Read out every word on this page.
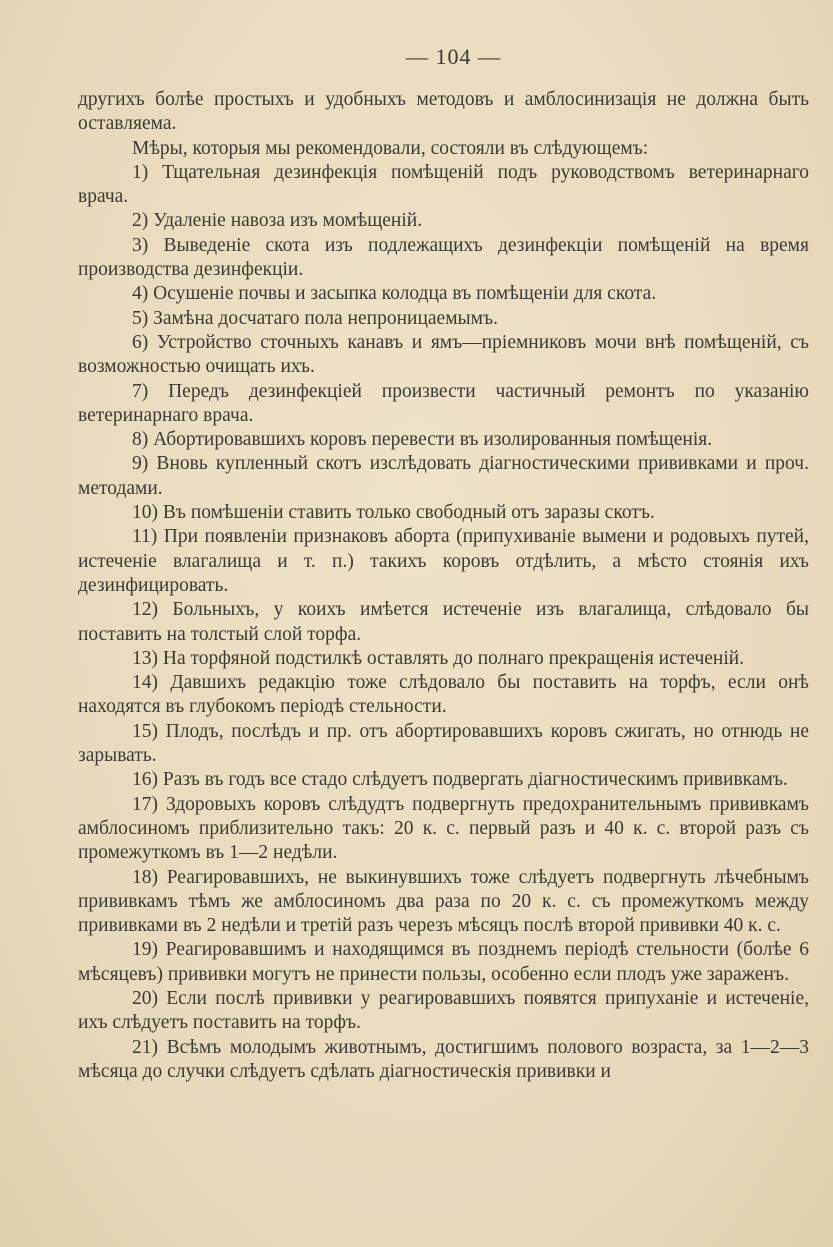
— 104 —

другихъ болѣе простыхъ и удобныхъ методовъ и амблосинизація не должна быть оставляема.

Мѣры, которыя мы рекомендовали, состояли въ слѣдующемъ:

1) Тщательная дезинфекція помѣщеній подъ руководствомъ ветеринарнаго врача.

2) Удаленіе навоза изъ момѣщеній.

3) Выведеніе скота изъ подлежащихъ дезинфекціи помѣщеній на время производства дезинфекціи.

4) Осушеніе почвы и засыпка колодца въ помѣщеніи для скота.

5) Замѣна досчатаго пола непроницаемымъ.

6) Устройство сточныхъ канавъ и ямъ—пріемниковъ мочи внѣ помѣщеній, съ возможностью очищать ихъ.

7) Передъ дезинфекціей произвести частичный ремонтъ по указанію ветеринарнаго врача.

8) Абортировавшихъ коровъ перевести въ изолированныя помѣщенія.

9) Вновь купленный скотъ изслѣдовать діагностическими прививками и проч. методами.

10) Въ помѣшеніи ставить только свободный отъ заразы скотъ.

11) При появленіи признаковъ аборта (припухиваніе вымени и родовыхъ путей, истеченіе влагалища и т. п.) такихъ коровъ отдѣлить, а мѣсто стоянія ихъ дезинфицировать.

12) Больныхъ, у коихъ имѣется истеченіе изъ влагалища, слѣдовало бы поставить на толстый слой торфа.

13) На торфяной подстилкѣ оставлять до полнаго прекращенія истеченій.

14) Давшихъ редакцію тоже слѣдовало бы поставить на торфъ, если онѣ находятся въ глубокомъ періодѣ стельности.

15) Плодъ, послѣдъ и пр. отъ абортировавшихъ коровъ сжигать, но отнюдь не зарывать.

16) Разъ въ годъ все стадо слѣдуетъ подвергать діагностическимъ прививкамъ.

17) Здоровыхъ коровъ слѣдудтъ подвергнуть предохранительнымъ прививкамъ амблосиномъ приблизительно такъ: 20 к. с. первый разъ и 40 к. с. второй разъ съ промежуткомъ въ 1—2 недѣли.

18) Реагировавшихъ, не выкинувшихъ тоже слѣдуетъ подвергнуть лѣчебнымъ прививкамъ тѣмъ же амблосиномъ два раза по 20 к. с. съ промежуткомъ между прививками въ 2 недѣли и третій разъ черезъ мѣсяцъ послѣ второй прививки 40 к. с.

19) Реагировавшимъ и находящимся въ позднемъ періодѣ стельности (болѣе 6 мѣсяцевъ) прививки могутъ не принести пользы, особенно если плодъ уже зараженъ.

20) Если послѣ прививки у реагировавшихъ появятся припуханіе и истеченіе, ихъ слѣдуетъ поставить на торфъ.

21) Всѣмъ молодымъ животнымъ, достигшимъ полового возраста, за 1—2—3 мѣсяца до случки слѣдуетъ сдѣлать діагностическія прививки и
